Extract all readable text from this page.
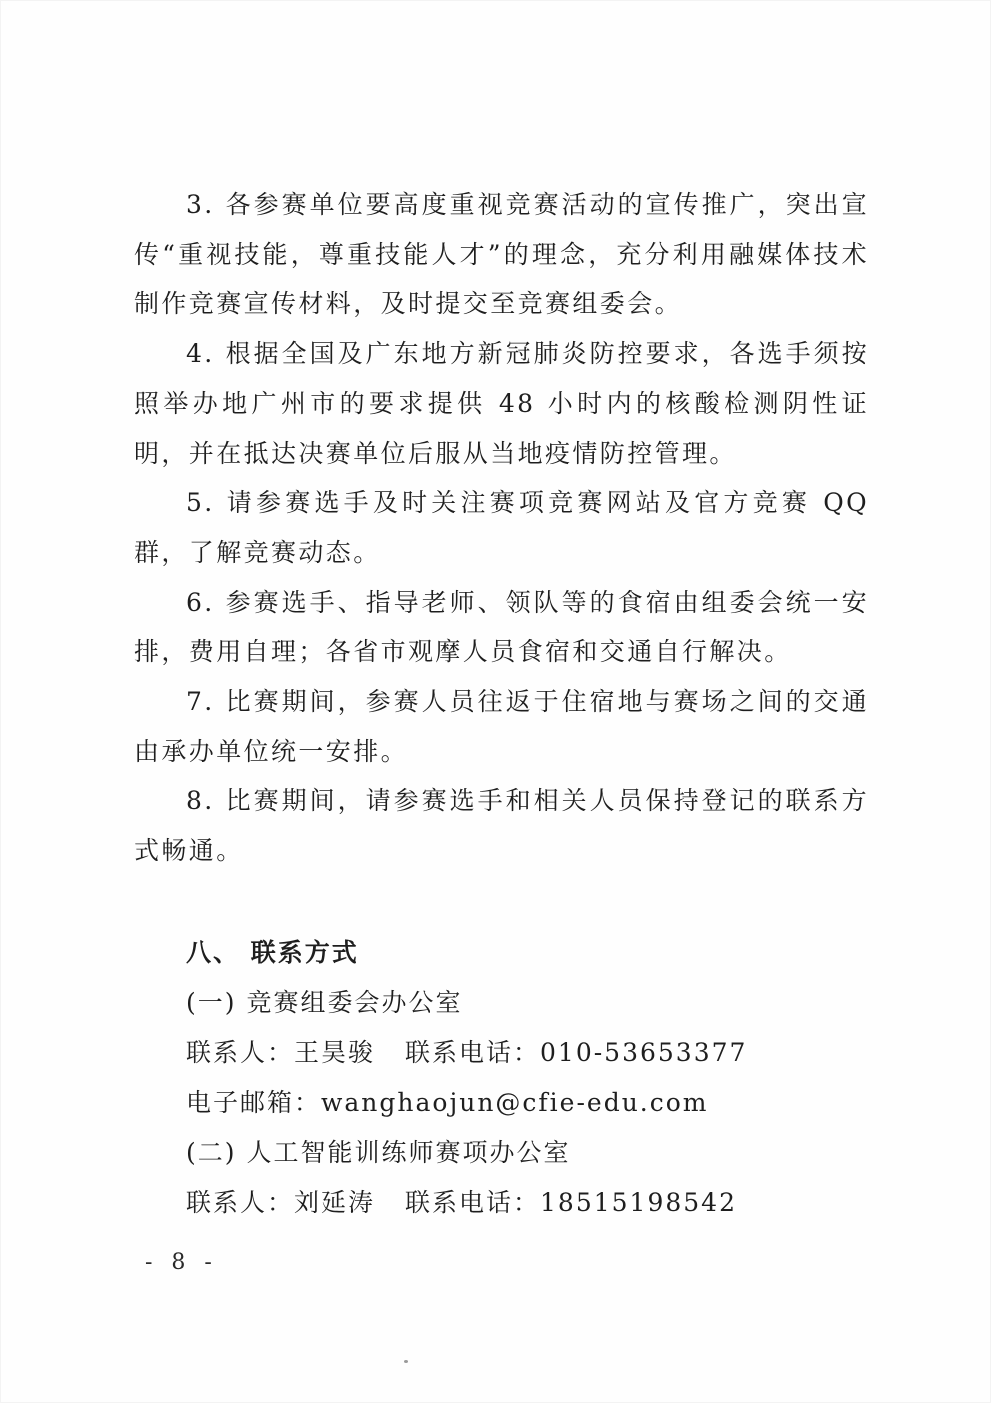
3. 各参赛单位要高度重视竞赛活动的宣传推广，突出宣传“重视技能，尊重技能人才”的理念，充分利用融媒体技术制作竞赛宣传材料，及时提交至竞赛组委会。

4. 根据全国及广东地方新冠肺炎防控要求，各选手须按照举办地广州市的要求提供 48 小时内的核酸检测阴性证明，并在抵达决赛单位后服从当地疫情防控管理。

5. 请参赛选手及时关注赛项竞赛网站及官方竞赛 QQ 群，了解竞赛动态。

6. 参赛选手、指导老师、领队等的食宿由组委会统一安排，费用自理；各省市观摩人员食宿和交通自行解决。

7. 比赛期间，参赛人员往返于住宿地与赛场之间的交通由承办单位统一安排。

8. 比赛期间，请参赛选手和相关人员保持登记的联系方式畅通。

八、 联系方式
(一) 竞赛组委会办公室
联系人：王昊骏 联系电话：010-53653377
电子邮箱：wanghaojun@cfie-edu.com
(二) 人工智能训练师赛项办公室
联系人：刘延涛 联系电话：18515198542
- 8 -
